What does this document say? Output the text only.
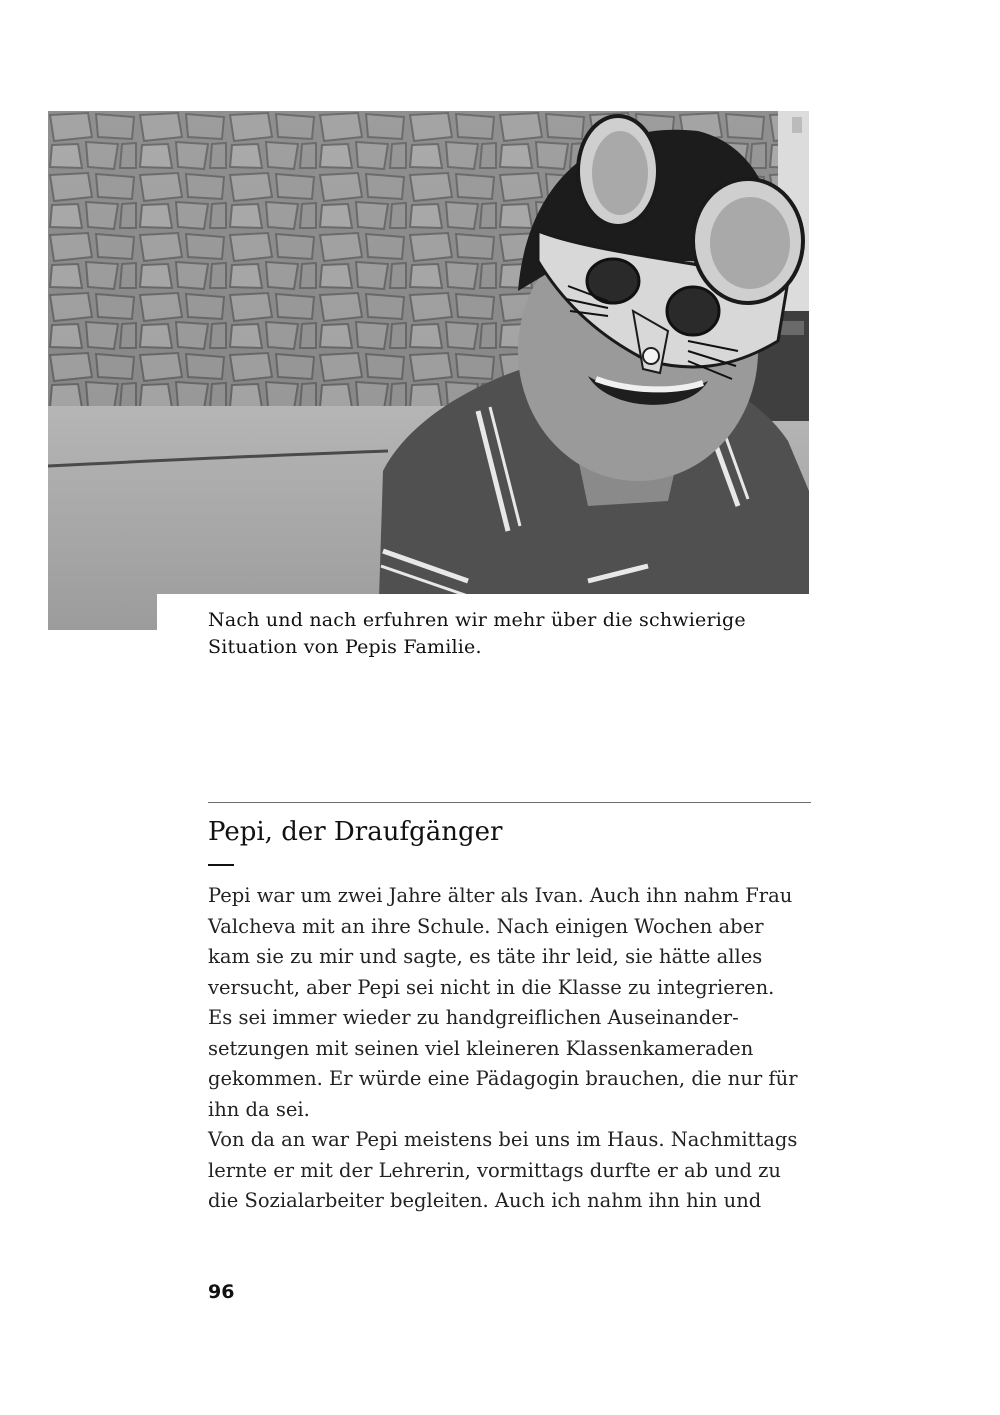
Nach und nach erfuhren wir mehr über die schwierige
Situation von Pepis Familie.

Pepi, der Draufgänger

Pepi war um zwei Jahre älter als Ivan. Auch ihn nahm Frau

Valcheva mit an ihre Schule. Nach einigen Wochen aber

kam sie zu mir und sagte, es täte ihr leid, sie hätte alles

versucht, aber Pepi sei nicht in die Klasse zu integrieren.

Es sei immer wieder zu handgreiflichen Auseinander-

setzungen mit seinen viel kleineren Klassenkameraden

gekommen. Er würde eine Pädagogin brauchen, die nur für

ihn da sei.

Von da an war Pepi meistens bei uns im Haus. Nachmittags

lernte er mit der Lehrerin, vormittags durfte er ab und zu

die Sozialarbeiter begleiten. Auch ich nahm ihn hin und

96
